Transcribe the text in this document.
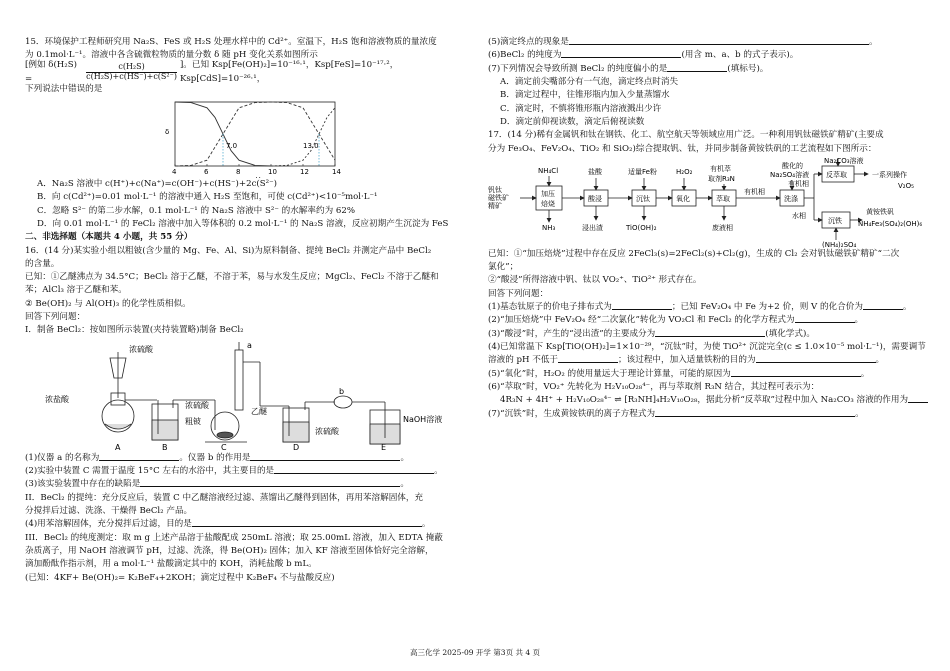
15．环境保护工程师研究用 Na₂S、FeS 或 H₂S 处理水样中的 Cd²⁺。室温下，H₂S 饱和溶液物质的量浓度
为 0.1mol·L⁻¹。溶液中各含硫微粒物质的量分数 δ 随 pH 变化关系如图所示
[例如 δ(H₂S) =	$\frac{\text{c(H₂S)}}{\text{c(H₂S)+c(HS⁻)+c(S²⁻)}}$ ]。已知 Ksp[Fe(OH)₂]=10⁻¹⁶·¹，Ksp[FeS]=10⁻¹⁷·²，Ksp[CdS]=10⁻²⁶·¹，
下列说法中错误的是
7.0	13.0
4	6	8	10	12	14
δ
A．Na₂S 溶液中 c(H⁺)+c(Na⁺)=c(OH⁻)+c(HS⁻)+2c(S²⁻)
B．向 c(Cd²⁺)=0.01 mol·L⁻¹ 的溶液中通入 H₂S 至饱和，可使 c(Cd²⁺)<10⁻⁵mol·L⁻¹
C．忽略 S²⁻ 的第二步水解，0.1 mol·L⁻¹ 的 Na₂S 溶液中 S²⁻ 的水解率约为 62%
D．向 0.01 mol·L⁻¹ 的 FeCl₂ 溶液中加入等体积的 0.2 mol·L⁻¹ 的 Na₂S 溶液，反应初期产生沉淀为 FeS
二、非选择题（本题共 4 小题，共 55 分）
16．(14 分)某实验小组以粗铍(含少量的 Mg、Fe、Al、Si)为原料制备、提纯 BeCl₂ 并测定产品中 BeCl₂
的含量。
已知：①乙醚沸点为 34.5°C；BeCl₂ 溶于乙醚，不溶于苯，易与水发生反应；MgCl₂、FeCl₂ 不溶于乙醚和
苯；AlCl₃ 溶于乙醚和苯。
② Be(OH)₂ 与 Al(OH)₃ 的化学性质相似。
回答下列问题：
I．制备 BeCl₂：按如图所示装置(夹持装置略)制备 BeCl₂
浓硫酸
浓盐酸
浓硫酸
粗铍
乙醚
浓硫酸
NaOH溶液
a
b
A	B	C	D	E
(1)仪器 a 的名称为	。仪器 b 的作用是	。
(2)实验中装置 C 需置于温度 15°C 左右的水浴中，其主要目的是	。
(3)该实验装置中存在的缺陷是	。
II．BeCl₂ 的提纯：充分反应后，装置 C 中乙醚溶液经过滤、蒸馏出乙醚得到固体，再用苯溶解固体，充
分搅拌后过滤、洗涤、干燥得 BeCl₂ 产品。
(4)用苯溶解固体，充分搅拌后过滤，目的是	。
III．BeCl₂ 的纯度测定：取 m g 上述产品溶于盐酸配成 250mL 溶液；取 25.00mL 溶液，加入 EDTA 掩蔽
杂质离子，用 NaOH 溶液调节 pH，过滤、洗涤，得 Be(OH)₂ 固体；加入 KF 溶液至固体恰好完全溶解，
滴加酚酞作指示剂，用 a mol·L⁻¹ 盐酸滴定其中的 KOH，消耗盐酸 b mL。
(已知：4KF+ Be(OH)₂= K₂BeF₄+2KOH；滴定过程中 K₂BeF₄ 不与盐酸反应)
(5)滴定终点的现象是	。
(6)BeCl₂ 的纯度为	(用含 m、a、b 的式子表示)。
(7)下列情况会导致所测 BeCl₂ 的纯度偏小的是	(填标号)。
A．滴定前尖嘴部分有一气泡，滴定终点时消失
B．滴定过程中，往锥形瓶内加入少量蒸馏水
C．滴定时，不慎将锥形瓶内溶液溅出少许
D．滴定前仰视读数，滴定后俯视读数
17．(14 分)稀有金属钒和钛在钢铁、化工、航空航天等领域应用广泛。一种利用钒钛磁铁矿精矿(主要成
分为 Fe₃O₄、FeV₂O₄、TiO₂ 和 SiO₂)综合提取钒、钛，并同步制备黄铵铁矾的工艺流程如下图所示：
钒钛
磁铁矿
精矿
NH₄Cl
加压
焙烧
NH₃
盐酸
酸浸
浸出渣
适量Fe粉
沉钛
TiO(OH)₂
H₂O₂
氧化
有机萃
取剂R₃N
萃取
有机相
废液相
酸化的
Na₂SO₄溶液
洗涤
有机相
Na₂CO₃溶液
反萃取	一系列操作
V₂O₅
水相
沉铁
(NH₄)₂SO₄
黄铵铁矾
NH₄Fe₃(SO₄)₂(OH)₆
已知：①“加压焙烧”过程中存在反应 2FeCl₃(s)=2FeCl₂(s)+Cl₂(g)，生成的 Cl₂ 会对钒钛磁铁矿精矿“二次
氯化”；
②“酸浸”所得溶液中钒、钛以 VO₂⁺、TiO²⁺ 形式存在。
回答下列问题：
(1)基态钛原子的价电子排布式为	；已知 FeV₂O₄ 中 Fe 为+2 价，则 V 的化合价为	。
(2)“加压焙烧”中 FeV₂O₄ 经“二次氯化”转化为 VO₂Cl 和 FeCl₂ 的化学方程式为	。
(3)“酸浸”时，产生的“浸出渣”的主要成分为	(填化学式)。
(4)已知常温下 Ksp[TiO(OH)₂]=1×10⁻²⁹，“沉钛”时，为使 TiO²⁺ 沉淀完全(c ≤ 1.0×10⁻⁵ mol·L⁻¹)，需要调节
溶液的 pH 不低于	；该过程中，加入适量铁粉的目的为	。
(5)“氧化”时，H₂O₂ 的使用量远大于理论计算量，可能的原因为	。
(6)“萃取”时，VO₂⁺ 先转化为 H₂V₁₀O₂₈⁴⁻，再与萃取剂 R₃N 结合，其过程可表示为：
4R₃N + 4H⁺ + H₂V₁₀O₂₈⁴⁻ ⇌ [R₃NH]₄H₂V₁₀O₂₈，据此分析“反萃取”过程中加入 Na₂CO₃ 溶液的作用为
(7)“沉铁”时，生成黄铵铁矾的离子方程式为	。
高三化学 2025-09 开学 第3页 共 4 页
